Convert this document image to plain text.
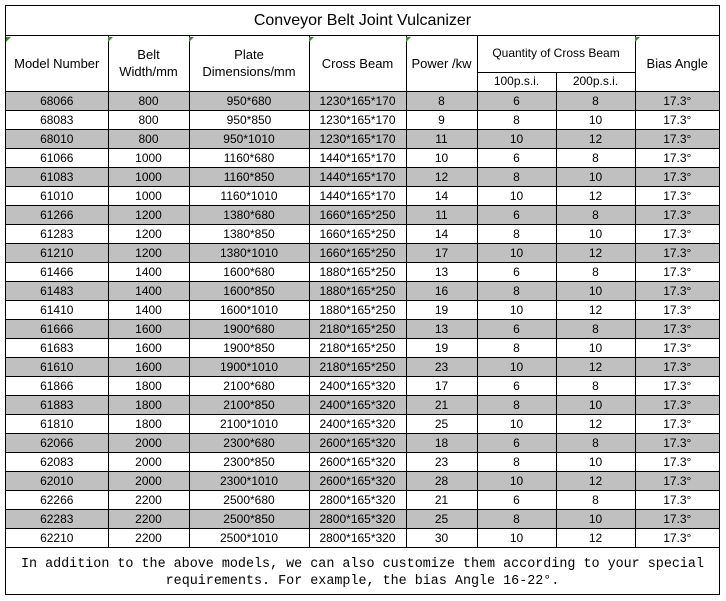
Conveyor Belt Joint Vulcanizer
Model Number	Belt Width/mm	Plate Dimensions/mm	Cross Beam	Power /kw	Quantity of Cross Beam		Bias Angle
					100p.s.i.	200p.s.i.	
68066	800	950*680	1230*165*170	8	6	8	17.3°
68083	800	950*850	1230*165*170	9	8	10	17.3°
68010	800	950*1010	1230*165*170	11	10	12	17.3°
61066	1000	1160*680	1440*165*170	10	6	8	17.3°
61083	1000	1160*850	1440*165*170	12	8	10	17.3°
61010	1000	1160*1010	1440*165*170	14	10	12	17.3°
61266	1200	1380*680	1660*165*250	11	6	8	17.3°
61283	1200	1380*850	1660*165*250	14	8	10	17.3°
61210	1200	1380*1010	1660*165*250	17	10	12	17.3°
61466	1400	1600*680	1880*165*250	13	6	8	17.3°
61483	1400	1600*850	1880*165*250	16	8	10	17.3°
61410	1400	1600*1010	1880*165*250	19	10	12	17.3°
61666	1600	1900*680	2180*165*250	13	6	8	17.3°
61683	1600	1900*850	2180*165*250	19	8	10	17.3°
61610	1600	1900*1010	2180*165*250	23	10	12	17.3°
61866	1800	2100*680	2400*165*320	17	6	8	17.3°
61883	1800	2100*850	2400*165*320	21	8	10	17.3°
61810	1800	2100*1010	2400*165*320	25	10	12	17.3°
62066	2000	2300*680	2600*165*320	18	6	8	17.3°
62083	2000	2300*850	2600*165*320	23	8	10	17.3°
62010	2000	2300*1010	2600*165*320	28	10	12	17.3°
62266	2200	2500*680	2800*165*320	21	6	8	17.3°
62283	2200	2500*850	2800*165*320	25	8	10	17.3°
62210	2200	2500*1010	2800*165*320	30	10	12	17.3°
In addition to the above models, we can also customize them according to your special requirements. For example, the bias Angle 16-22°.
